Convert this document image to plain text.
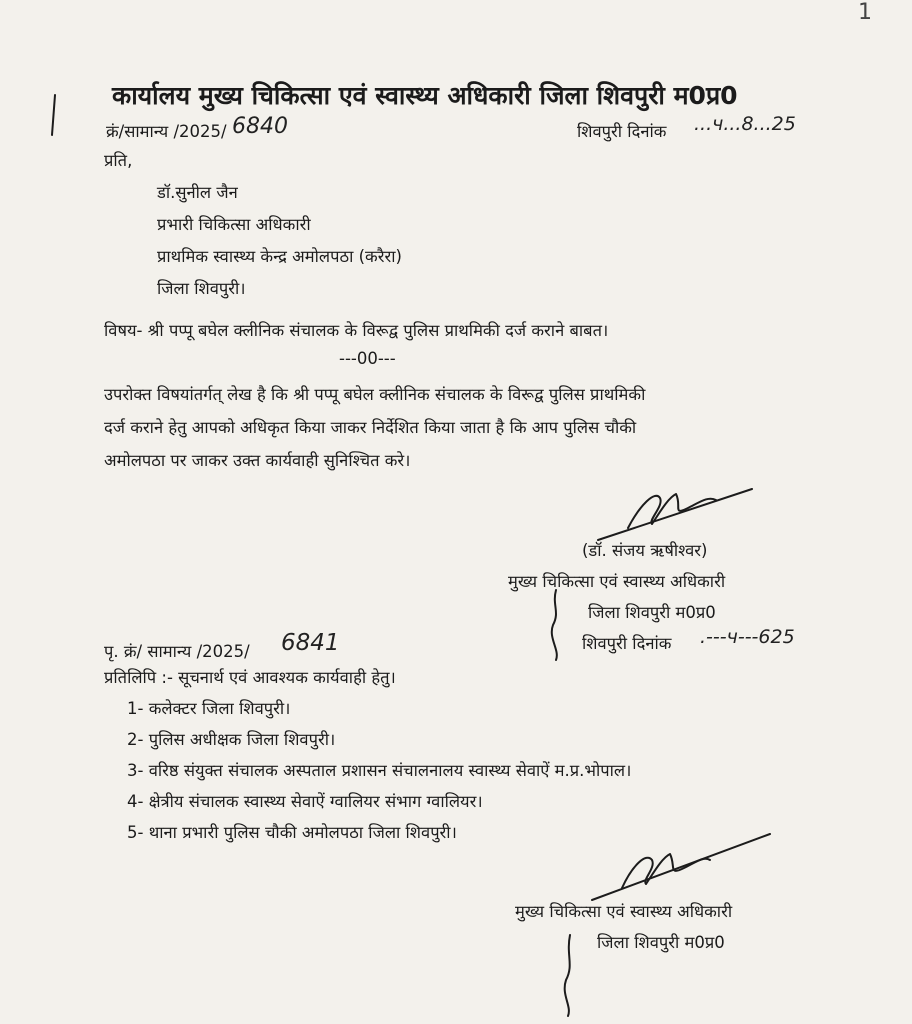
1
कार्यालय मुख्य चिकित्सा एवं स्वास्थ्य अधिकारी जिला शिवपुरी म0प्र0
क्रं/सामान्य /2025/ 6840	शिवपुरी दिनांक ...ч...8...25
प्रति,
डॉ.सुनील जैन
प्रभारी चिकित्सा अधिकारी
प्राथमिक स्वास्थ्य केन्द्र अमोलपठा (करैरा)
जिला शिवपुरी।
विषय- श्री पप्पू बघेल क्लीनिक संचालक के विरूद्व पुलिस प्राथमिकी दर्ज कराने बाबत।
---00---
उपरोक्त विषयांतर्गत् लेख है कि श्री पप्पू बघेल क्लीनिक संचालक के विरूद्व पुलिस प्राथमिकी
दर्ज कराने हेतु आपको अधिकृत किया जाकर निर्देशित किया जाता है कि आप पुलिस चौकी
अमोलपठा पर जाकर उक्त कार्यवाही सुनिश्चित करे।
(डॉ. संजय ऋषीश्वर)
मुख्य चिकित्सा एवं स्वास्थ्य अधिकारी
जिला शिवपुरी म0प्र0
शिवपुरी दिनांक .---ч---625
पृ. क्रं/ सामान्य /2025/ 6841
प्रतिलिपि :- सूचनार्थ एवं आवश्यक कार्यवाही हेतु।
1- कलेक्टर जिला शिवपुरी।
2- पुलिस अधीक्षक जिला शिवपुरी।
3- वरिष्ठ संयुक्त संचालक अस्पताल प्रशासन संचालनालय स्वास्थ्य सेवाऐं म.प्र.भोपाल।
4- क्षेत्रीय संचालक स्वास्थ्य सेवाऐं ग्वालियर संभाग ग्वालियर।
5- थाना प्रभारी पुलिस चौकी अमोलपठा जिला शिवपुरी।
मुख्य चिकित्सा एवं स्वास्थ्य अधिकारी
जिला शिवपुरी म0प्र0
